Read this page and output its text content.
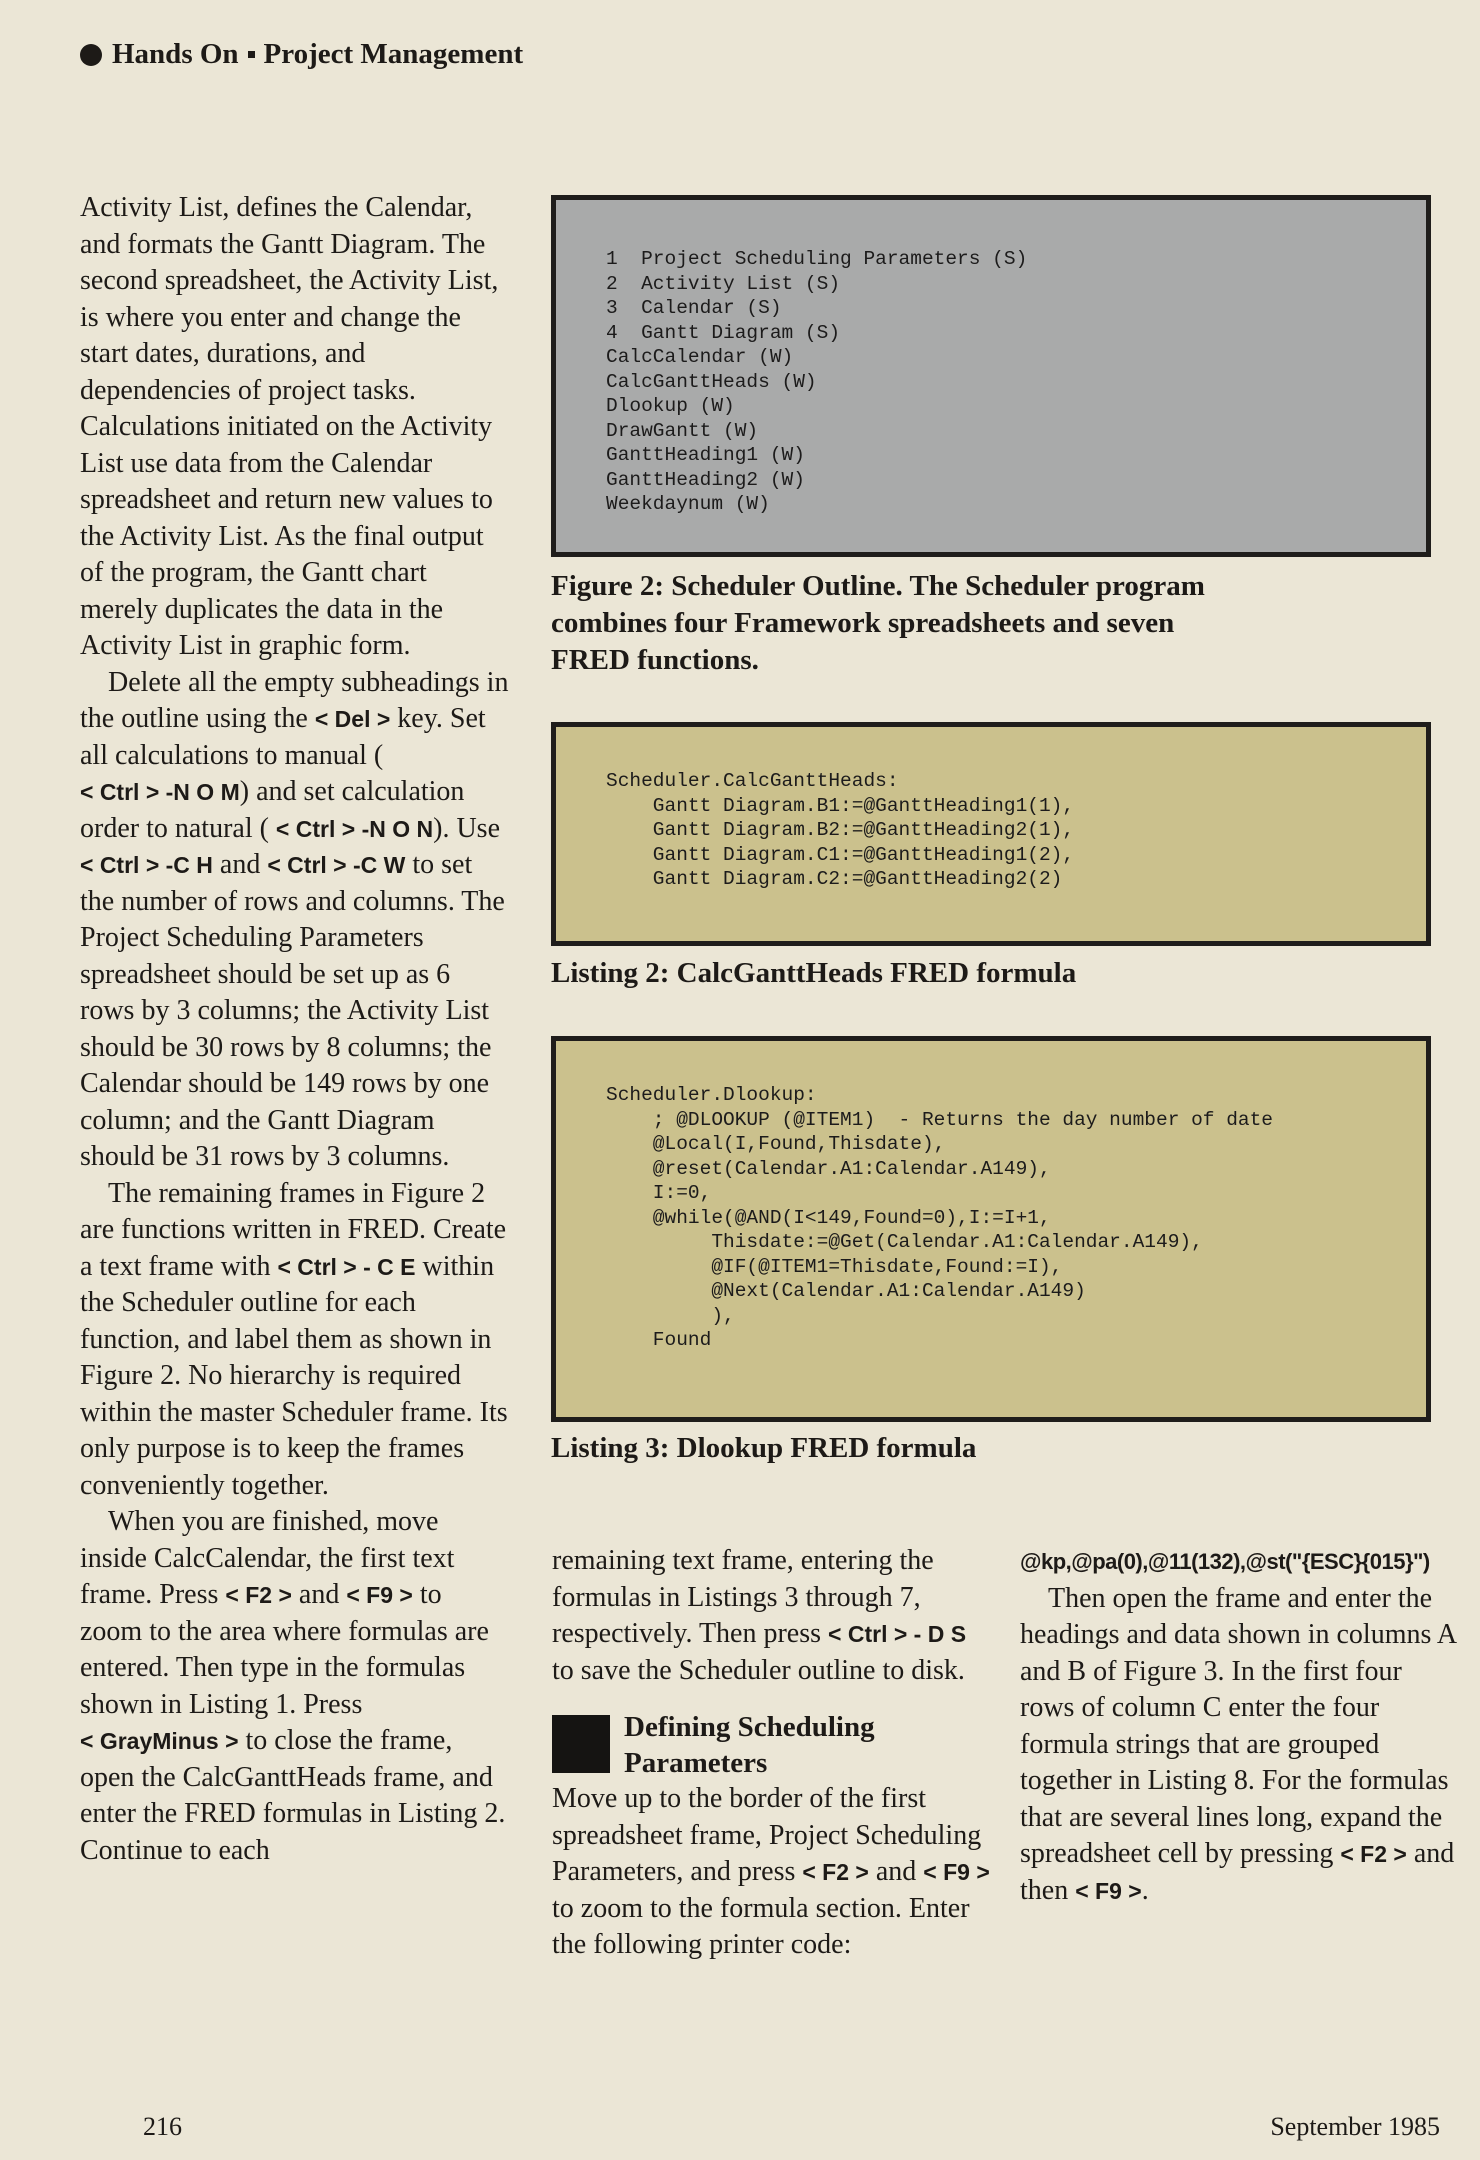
Hands On Project Management

Activity List, defines the Calendar, and formats the Gantt Diagram. The second spreadsheet, the Activity List, is where you enter and change the start dates, durations, and dependencies of project tasks. Calculations initiated on the Activity List use data from the Calendar spreadsheet and return new values to the Activity List. As the final output of the program, the Gantt chart merely duplicates the data in the Activity List in graphic form.

Delete all the empty subheadings in the outline using the < Del > key. Set all calculations to manual ( < Ctrl > -N O M) and set calculation order to natural ( < Ctrl > -N O N). Use < Ctrl > -C H and < Ctrl > -C W to set the number of rows and columns. The Project Scheduling Parameters spreadsheet should be set up as 6 rows by 3 columns; the Activity List should be 30 rows by 8 columns; the Calendar should be 149 rows by one column; and the Gantt Diagram should be 31 rows by 3 columns.

The remaining frames in Figure 2 are functions written in FRED. Create a text frame with < Ctrl > - C E within the Scheduler outline for each function, and label them as shown in Figure 2. No hierarchy is required within the master Scheduler frame. Its only purpose is to keep the frames conveniently together.

When you are finished, move inside CalcCalendar, the first text frame. Press < F2 > and < F9 > to zoom to the area where formulas are entered. Then type in the formulas shown in Listing 1. Press < GrayMinus > to close the frame, open the CalcGanttHeads frame, and enter the FRED formulas in Listing 2. Continue to each

1  Project Scheduling Parameters (S)
2  Activity List (S)
3  Calendar (S)
4  Gantt Diagram (S)
CalcCalendar (W)
CalcGanttHeads (W)
Dlookup (W)
DrawGantt (W)
GanttHeading1 (W)
GanttHeading2 (W)
Weekdaynum (W)
Figure 2: Scheduler Outline. The Scheduler program combines four Framework spreadsheets and seven FRED functions.
Scheduler.CalcGanttHeads:
Gantt Diagram.B1:=@GanttHeading1(1),
Gantt Diagram.B2:=@GanttHeading2(1),
Gantt Diagram.C1:=@GanttHeading1(2),
Gantt Diagram.C2:=@GanttHeading2(2)
Listing 2: CalcGanttHeads FRED formula
Scheduler.Dlookup:
; @DLOOKUP (@ITEM1)  - Returns the day number of date
@Local(I,Found,Thisdate),
@reset(Calendar.A1:Calendar.A149),
I:=0,
@while(@AND(I<149,Found=0),I:=I+1,
Thisdate:=@Get(Calendar.A1:Calendar.A149),
@IF(@ITEM1=Thisdate,Found:=I),
@Next(Calendar.A1:Calendar.A149)
),
Found
Listing 3: Dlookup FRED formula

remaining text frame, entering the formulas in Listings 3 through 7, respectively. Then press < Ctrl > - D S to save the Scheduler outline to disk.

Defining Scheduling Parameters

Move up to the border of the first spreadsheet frame, Project Scheduling Parameters, and press < F2 > and < F9 > to zoom to the formula section. Enter the following printer code:

@kp,@pa(0),@11(132),@st("{ESC}{015}")

Then open the frame and enter the headings and data shown in columns A and B of Figure 3. In the first four rows of column C enter the four formula strings that are grouped together in Listing 8. For the formulas that are several lines long, expand the spreadsheet cell by pressing < F2 > and then < F9 >.

216	September 1985
